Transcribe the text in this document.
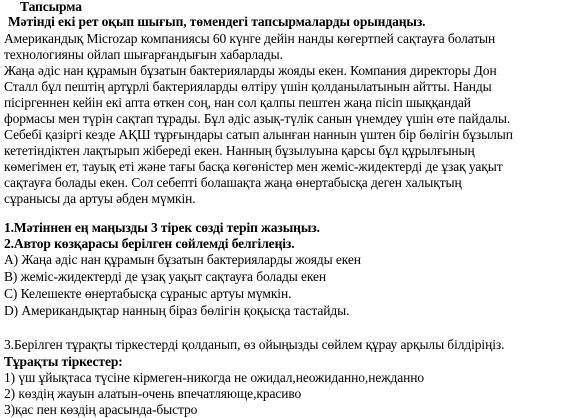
Тапсырма
Мәтінді екі рет оқып шығып, төмендегі тапсырмаларды орындаңыз.
Американдық Microzap компаниясы 60 күнге дейін нанды көгертпей сақтауға болатын
технологияны ойлап шығарғандығын хабарлады.
Жаңа әдіс нан құрамын бұзатын бактерияларды жояды екен. Компания директоры Дон
Сталл бұл пештің артұрлі бактерияларды өлтіру үшін қолданылатынын айтты. Нанды
пісіргеннен кейін екі апта өткен соң, нан сол қалпы пештен жаңа пісіп шыққандай
формасы мен түрін сақтап тұрады. Бұл әдіс азық-түлік санын үнемдеу үшін өте пайдалы.
Себебі қазіргі кезде АҚШ тұрғындары сатып алынған наннын үштен бір бөлігін бұзылып
кететіндіктен лақтырып жібереді екен. Нанның бұзылуына қарсы бұл құрылғының
көмегімен ет, тауық еті және тағы басқа көгөністер мен жеміс-жидектерді де ұзақ уақыт
сақтауға болады екен. Сол себепті болашақта жаңа өнертабысқа деген халықтың
сұранысы да артуы әбден мүмкін.
1.Мәтіннен ең маңызды 3 тірек сөзді теріп жазыңыз.
2.Автор көзқарасы берілген сөйлемді белгілеңіз.
A) Жаңа әдіс нан құрамын бұзатын бактерияларды жояды екен
B) жеміс-жидектерді де ұзақ уақыт сақтауға болады екен
C) Келешекте өнертабысқа сұраныс артуы мүмкін.
D) Американдықтар нанның біраз бөлігін қоқысқа тастайды.
3.Берілген тұрақты тіркестерді қолданып, өз ойыңызды сөйлем құрау арқылы білдіріңіз.
Тұрақты тіркестер:
1) үш ұйықтаса түсіне кірмеген-никогда не ожидал,неожиданно,нежданно
2) көздің жауын алатын-очень впечатляюще,красиво
3)қас пен көздің арасында-быстро
